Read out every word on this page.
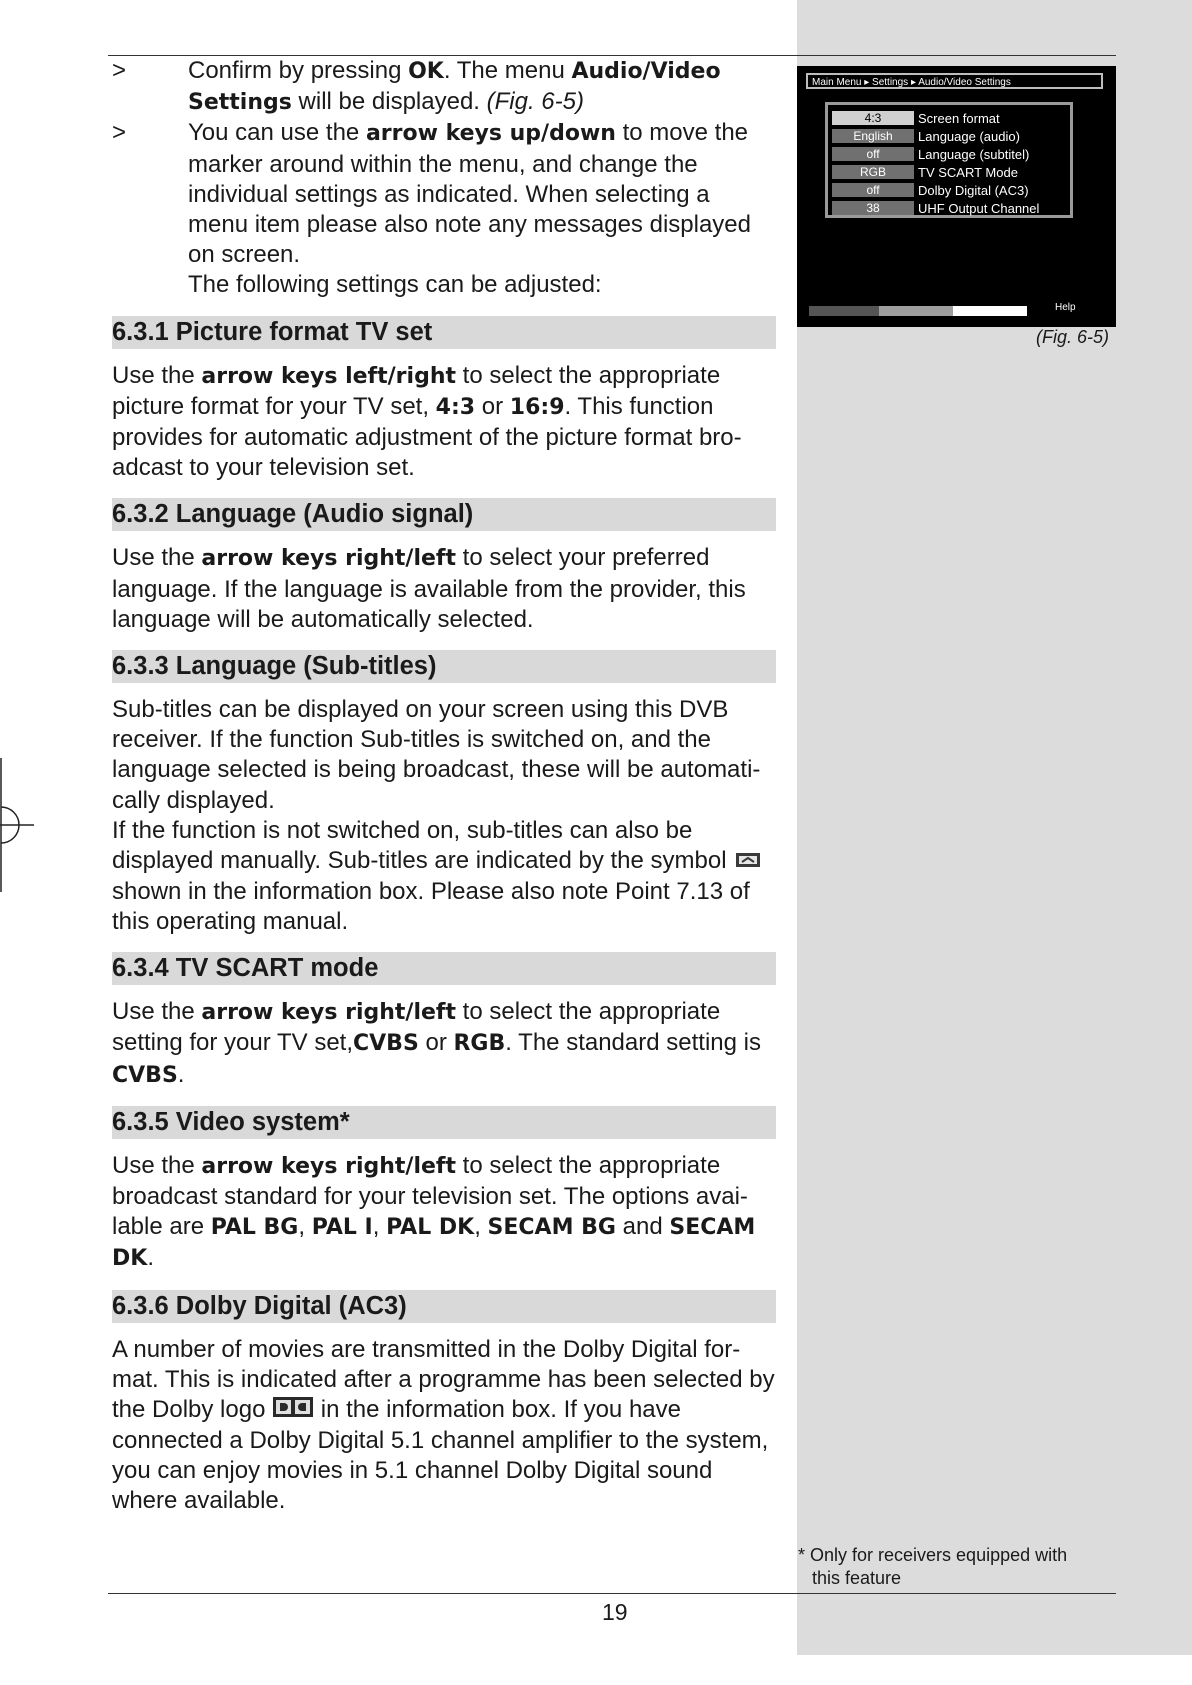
>	Confirm by pressing OK. The menu Audio/Video Settings will be displayed. (Fig. 6-5)
>	You can use the arrow keys up/down to move the marker around within the menu, and change the individual settings as indicated. When selecting a menu item please also note any messages displayed on screen.
The following settings can be adjusted:
6.3.1 Picture format TV set

Use the arrow keys left/right to select the appropriate picture format for your TV set, 4:3 or 16:9. This function provides for automatic adjustment of the picture format bro-adcast to your television set.

6.3.2 Language (Audio signal)

Use the arrow keys right/left to select your preferred language. If the language is available from the provider, this language will be automatically selected.

6.3.3 Language (Sub-titles)

Sub-titles can be displayed on your screen using this DVB receiver. If the function Sub-titles is switched on, and the language selected is being broadcast, these will be automati-cally displayed.
If the function is not switched on, sub-titles can also be displayed manually. Sub-titles are indicated by the symbol  shown in the information box. Please also note Point 7.13 of this operating manual.

6.3.4 TV SCART mode

Use the arrow keys right/left to select the appropriate setting for your TV set,CVBS or RGB. The standard setting is CVBS.

6.3.5 Video system*

Use the arrow keys right/left to select the appropriate broadcast standard for your television set. The options avai-lable are PAL BG, PAL I, PAL DK, SECAM BG and SECAM DK.

6.3.6 Dolby Digital (AC3)

A number of movies are transmitted in the Dolby Digital for-mat. This is indicated after a programme has been selected by the Dolby logo  in the information box. If you have connected a Dolby Digital 5.1 channel amplifier to the system, you can enjoy movies in 5.1 channel Dolby Digital sound where available.

Main Menu ▸ Settings ▸ Audio/Video Settings
4:3	Screen format
English	Language (audio)
off	Language (subtitel)
RGB	TV SCART Mode
off	Dolby Digital (AC3)
38	UHF Output Channel
Help
(Fig. 6-5)
* Only for receivers equipped with
this feature
19
